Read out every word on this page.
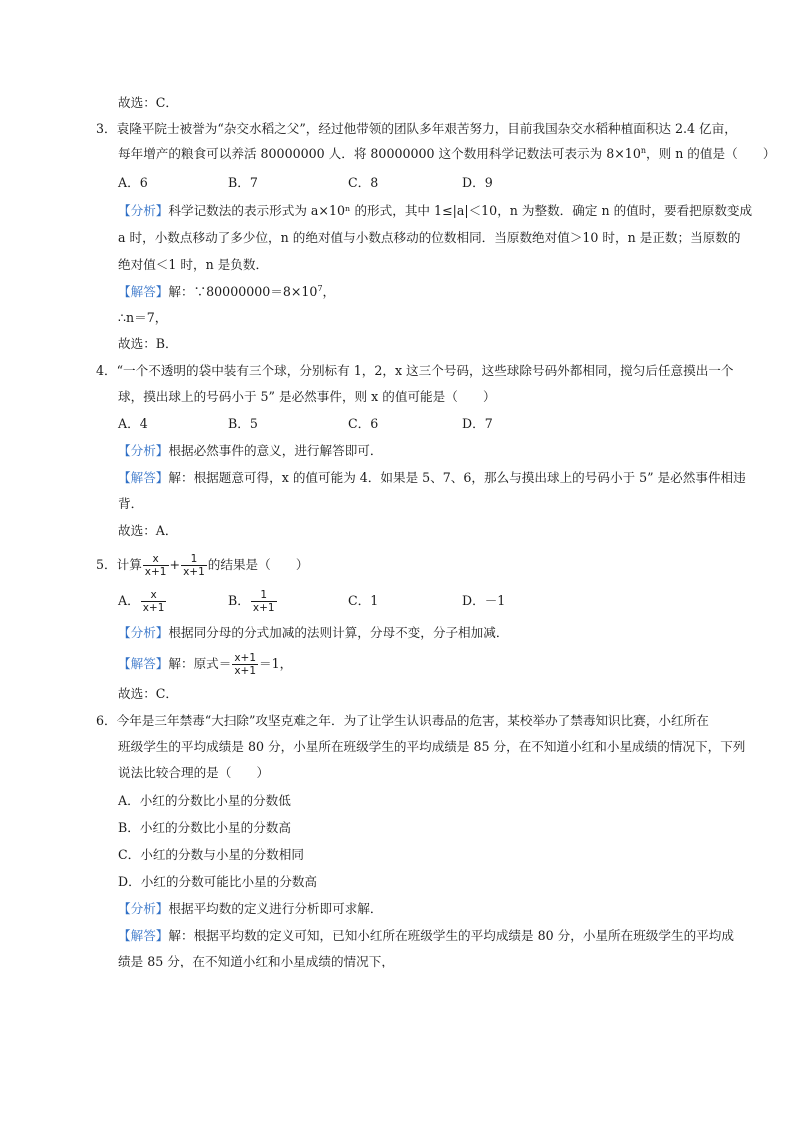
故选：C．
3．袁隆平院士被誉为“杂交水稻之父”，经过他带领的团队多年艰苦努力，目前我国杂交水稻种植面积达 2.4 亿亩，
每年增产的粮食可以养活 80000000 人．将 80000000 这个数用科学记数法可表示为 $8\times 10^n$，则 n 的值是（　　）
A．6	B．7	C．8	D．9
【分析】科学记数法的表示形式为 a×10ⁿ 的形式，其中 1≤|a|＜10，n 为整数．确定 n 的值时，要看把原数变成
a 时，小数点移动了多少位，n 的绝对值与小数点移动的位数相同．当原数绝对值＞10 时，n 是正数；当原数的
绝对值＜1 时，n 是负数．
【解答】解：$\because 80000000=8\times 10^7$，
∴n＝7，
故选：B．
4．“一个不透明的袋中装有三个球，分别标有 1，2，x 这三个号码，这些球除号码外都相同，搅匀后任意摸出一个
球，摸出球上的号码小于 5” 是必然事件，则 x 的值可能是（　　）
A．4	B．5	C．6	D．7
【分析】根据必然事件的意义，进行解答即可．
【解答】解：根据题意可得，x 的值可能为 4．如果是 5、7、6，那么与摸出球上的号码小于 5” 是必然事件相违
背．
故选：A．
5．计算 $\frac{x}{x+1} + \frac{1}{x+1}$ 的结果是（　　）
A． $\frac{x}{x+1}$	B． $\frac{1}{x+1}$	C．1	D．－1
【分析】根据同分母的分式加减的法则计算，分母不变，分子相加减．
【解答】解：原式＝ $\frac{x+1}{x+1} =1$，
故选：C．
6．今年是三年禁毒“大扫除”攻坚克难之年．为了让学生认识毒品的危害，某校举办了禁毒知识比赛，小红所在
班级学生的平均成绩是 80 分，小星所在班级学生的平均成绩是 85 分，在不知道小红和小星成绩的情况下，下列
说法比较合理的是（　　）
A．小红的分数比小星的分数低
B．小红的分数比小星的分数高
C．小红的分数与小星的分数相同
D．小红的分数可能比小星的分数高
【分析】根据平均数的定义进行分析即可求解．
【解答】解：根据平均数的定义可知，已知小红所在班级学生的平均成绩是 80 分，小星所在班级学生的平均成
绩是 85 分，在不知道小红和小星成绩的情况下，
